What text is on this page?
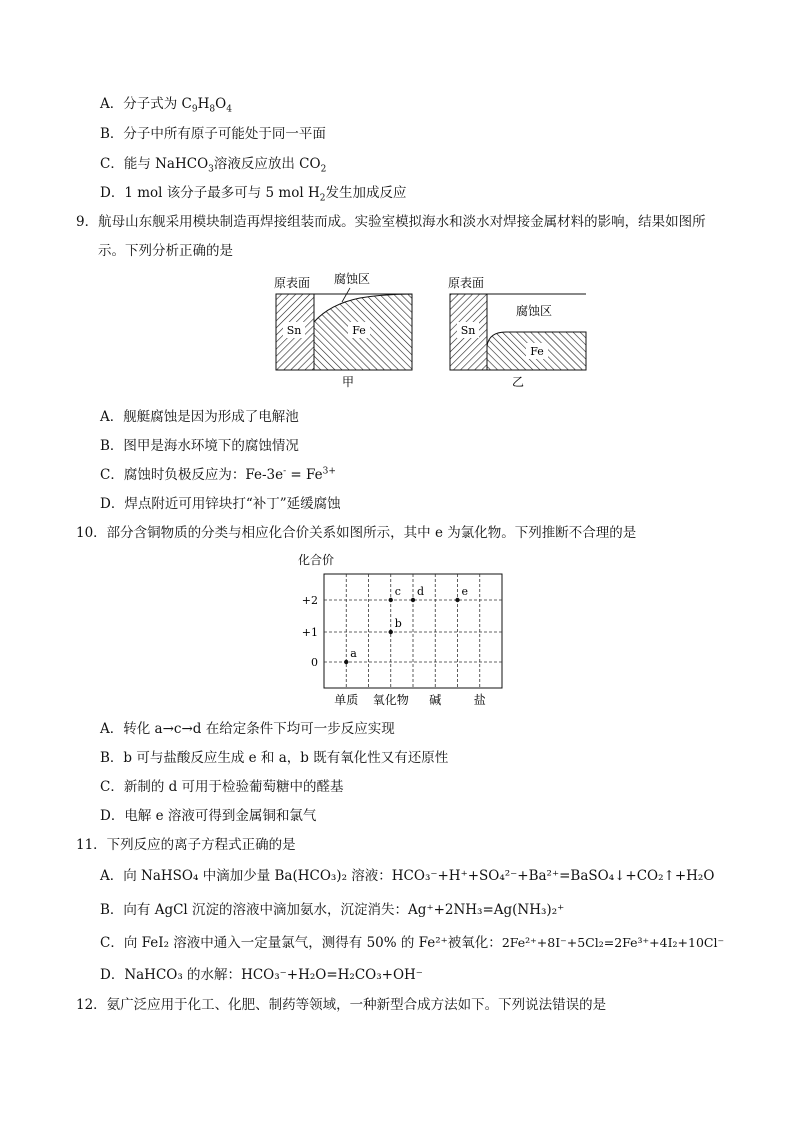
A．分子式为 $C_9H_8O_4$
B．分子中所有原子可能处于同一平面
C．能与 NaHCO$_3$溶液反应放出 $CO_2$
D．1 mol 该分子最多可与 5 mol $H_2$发生加成反应
9．航母山东舰采用模块制造再焊接组装而成。实验室模拟海水和淡水对焊接金属材料的影响，结果如图所
示。下列分析正确的是
Sn	Fe
原表面 腐蚀区
甲
Sn
Fe
原表面
腐蚀区
乙
A．舰艇腐蚀是因为形成了电解池
B．图甲是海水环境下的腐蚀情况
C．腐蚀时负极反应为：$Fe-3e^- = Fe^{3+}$
D．焊点附近可用锌块打“补丁”延缓腐蚀
10．部分含铜物质的分类与相应化合价关系如图所示，其中 e 为氯化物。下列推断不合理的是
+2
+1
0
化合价
单质 氧化物 碱	盐
a
b
c d	e
A．转化 a→c→d 在给定条件下均可一步反应实现
B．b 可与盐酸反应生成 e 和 a，b 既有氧化性又有还原性
C．新制的 d 可用于检验葡萄糖中的醛基
D．电解 e 溶液可得到金属铜和氯气
11．下列反应的离子方程式正确的是
A．向 NaHSO₄ 中滴加少量 Ba(HCO₃)₂ 溶液：HCO₃⁻+H⁺+SO₄²⁻+Ba²⁺=BaSO₄↓+CO₂↑+H₂O
B．向有 AgCl 沉淀的溶液中滴加氨水，沉淀消失：Ag⁺+2NH₃=Ag(NH₃)₂⁺
C．向 FeI₂ 溶液中通入一定量氯气，测得有 50% 的 Fe²⁺被氧化：2Fe²⁺+8I⁻+5Cl₂=2Fe³⁺+4I₂+10Cl⁻
D．NaHCO₃ 的水解：HCO₃⁻+H₂O=H₂CO₃+OH⁻
12．氨广泛应用于化工、化肥、制药等领域，一种新型合成方法如下。下列说法错误的是
